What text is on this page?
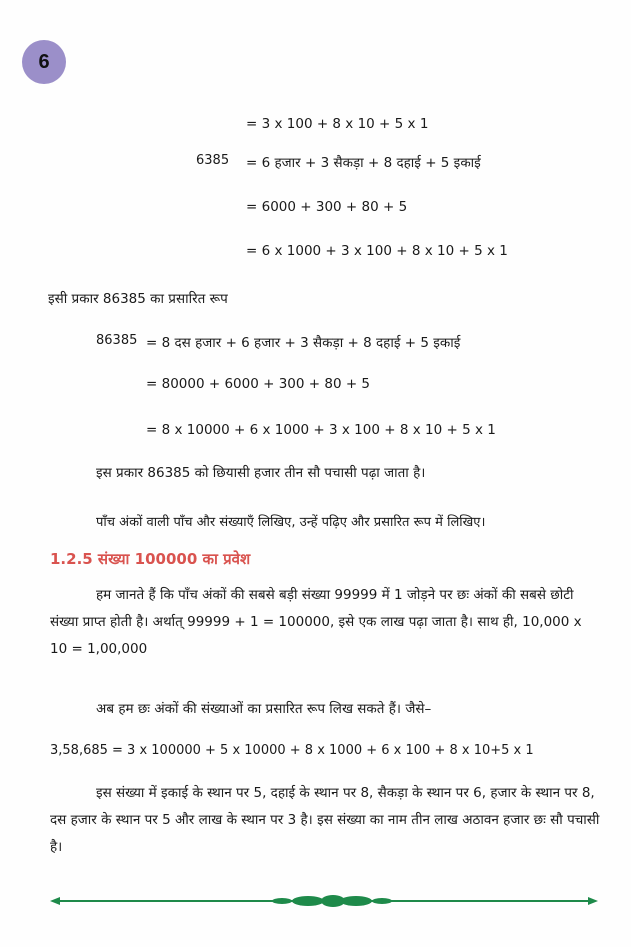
6
= 3 x 100 + 8 x 10 + 5 x 1
6385 = 6 हजार + 3 सैकड़ा + 8 दहाई + 5 इकाई
= 6000 + 300 + 80 + 5
= 6 x 1000 + 3 x 100 + 8 x 10 + 5 x 1
इसी प्रकार 86385 का प्रसारित रूप
86385 = 8 दस हजार + 6 हजार + 3 सैकड़ा + 8 दहाई + 5 इकाई
= 80000 + 6000 + 300 + 80 + 5
= 8 x 10000 + 6 x 1000 + 3 x 100 + 8 x 10 + 5 x 1
इस प्रकार 86385 को छियासी हजार तीन सौ पचासी पढ़ा जाता है।
पाँच अंकों वाली पाँच और संख्याएँ लिखिए, उन्हें पढ़िए और प्रसारित रूप में लिखिए।
1.2.5 संख्या 100000 का प्रवेश
हम जानते हैं कि पाँच अंकों की सबसे बड़ी संख्या 99999 में 1 जोड़ने पर छः अंकों की सबसे छोटी संख्या प्राप्त होती है। अर्थात् 99999 + 1 = 100000, इसे एक लाख पढ़ा जाता है। साथ ही, 10,000 x 10 = 1,00,000
अब हम छः अंकों की संख्याओं का प्रसारित रूप लिख सकते हैं। जैसे–
3,58,685 = 3 x 100000 + 5 x 10000 + 8 x 1000 + 6 x 100 + 8 x 10+5 x 1
इस संख्या में इकाई के स्थान पर 5, दहाई के स्थान पर 8, सैकड़ा के स्थान पर 6, हजार के स्थान पर 8, दस हजार के स्थान पर 5 और लाख के स्थान पर 3 है। इस संख्या का नाम तीन लाख अठावन हजार छः सौ पचासी है।
